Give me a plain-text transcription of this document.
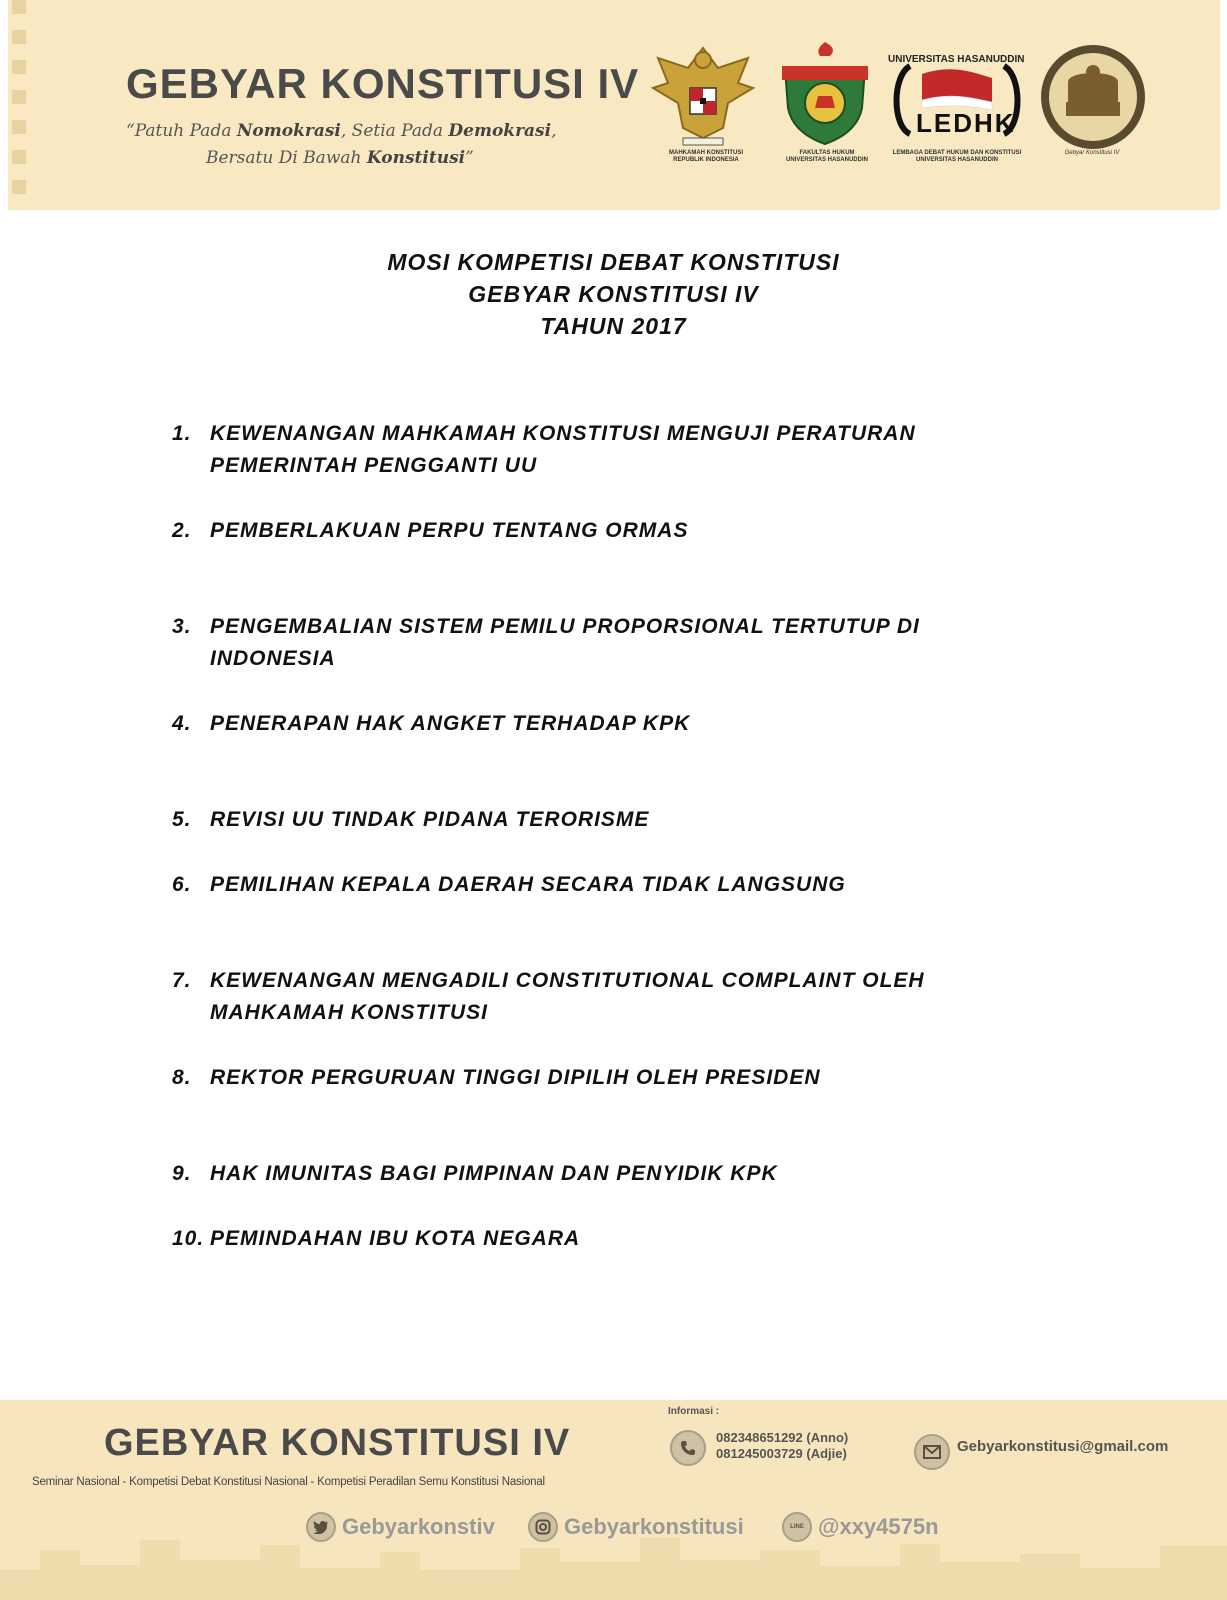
GEBYAR KONSTITUSI IV
“Patuh Pada Nomokrasi, Setia Pada Demokrasi,
Bersatu Di Bawah Konstitusi”	MAHKAMAH KONSTITUSI
REPUBLIK INDONESIA
FAKULTAS HUKUM
UNIVERSITAS HASANUDDIN
UNIVERSITAS HASANUDDIN
LEDHK
LEMBAGA DEBAT HUKUM DAN KONSTITUSI
UNIVERSITAS HASANUDDIN
Gebyar Konstitusi IV
MOSI KOMPETISI DEBAT KONSTITUSI
GEBYAR KONSTITUSI IV
TAHUN 2017
1. KEWENANGAN MAHKAMAH KONSTITUSI MENGUJI PERATURAN PEMERINTAH PENGGANTI UU
2. PEMBERLAKUAN PERPU TENTANG ORMAS
3. PENGEMBALIAN SISTEM PEMILU PROPORSIONAL TERTUTUP DI INDONESIA
4. PENERAPAN HAK ANGKET TERHADAP KPK
5. REVISI UU TINDAK PIDANA TERORISME
6. PEMILIHAN KEPALA DAERAH SECARA TIDAK LANGSUNG
7. KEWENANGAN MENGADILI CONSTITUTIONAL COMPLAINT OLEH MAHKAMAH KONSTITUSI
8. REKTOR PERGURUAN TINGGI DIPILIH OLEH PRESIDEN
9. HAK IMUNITAS BAGI PIMPINAN DAN PENYIDIK KPK
10. PEMINDAHAN IBU KOTA NEGARA
GEBYAR KONSTITUSI IV
Seminar Nasional - Kompetisi Debat Konstitusi Nasional - Kompetisi Peradilan Semu Konstitusi Nasional
Informasi :
082348651292 (Anno)
081245003729 (Adjie)	Gebyarkonstitusi@gmail.com
Gebyarkonstiv	Gebyarkonstitusi	LINE @xxy4575n
